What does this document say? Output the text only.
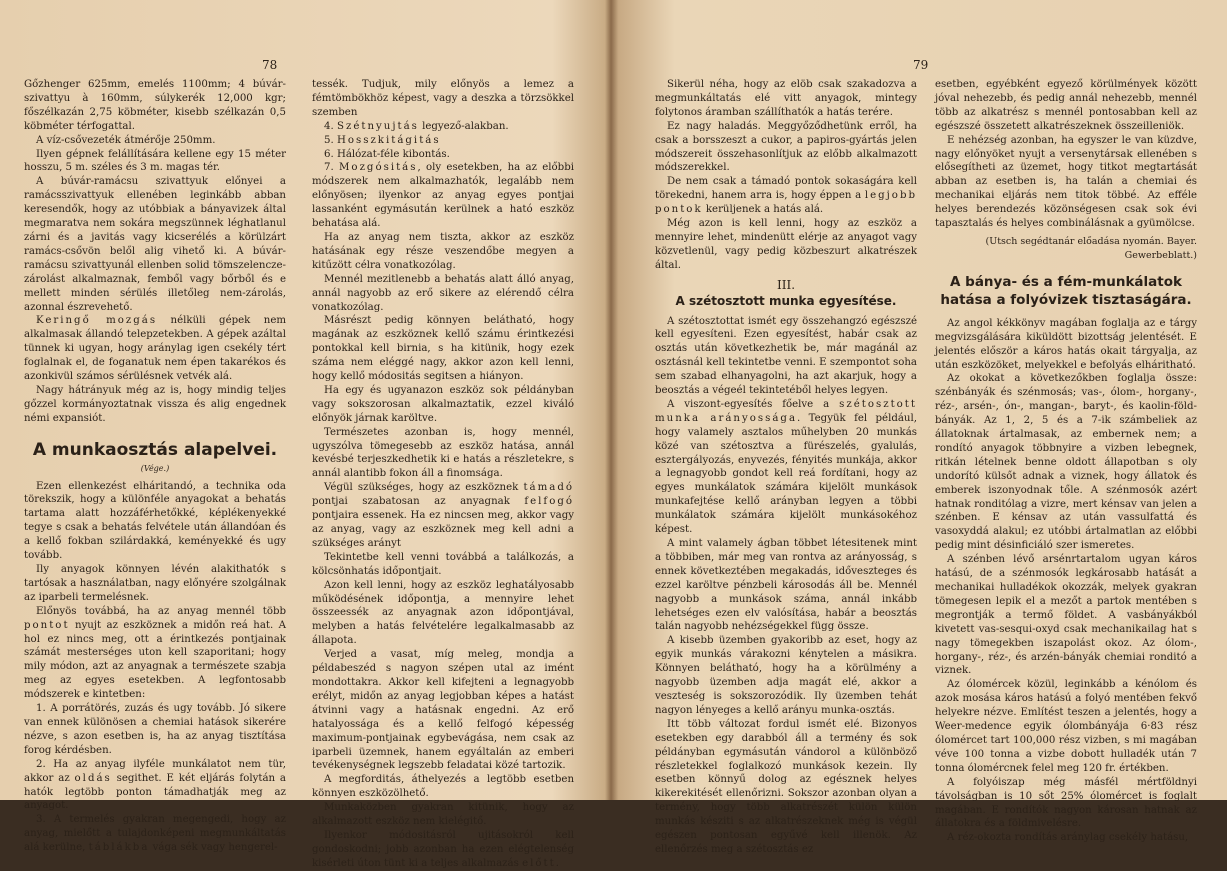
78

Gőzhenger 625mm, emelés 1100mm; 4 búvár-szivattyu à 160mm, súlykerék 12,000 kgr; főszélkazán 2,75 köbméter, kisebb szélkazán 0,5 köbméter térfogattal.

A víz-csővezeték átmérője 250mm.

Ilyen gépnek felállítására kellene egy 15 méter hosszu, 5 m. széles és 3 m. magas tér.

A búvár-ramácsu szivattyuk előnyei a ramácsszivattyuk ellenében leginkább abban keresendők, hogy az utóbbiak a bányavizek által megmaratva nem sokára megszünnek léghatlanul zárni és a javitás vagy kicserélés a körülzárt ramács-csővön belől alig vihető ki. A búvár-ramácsu szivattyunál ellenben solid tömszelencze-zárolást alkalmaznak, femből vagy bőrből és e mellett minden sérülés illetőleg nem-zárolás, azonnal észrevehető.

Keringő mozgás nélküli gépek nem alkalmasak állandó telepzetekben. A gépek azáltal tünnek ki ugyan, hogy aránylag igen csekély tért foglalnak el, de foganatuk nem épen takarékos és azonkivül számos sérülésnek vetvék alá.

Nagy hátrányuk még az is, hogy mindig teljes gőzzel kormányoztatnak vissza és alig engednek némi expansiót.

A munkaosztás alapelvei.
(Vége.)

Ezen ellenkezést elháritandó, a technika oda törekszik, hogy a különféle anyagokat a behatás tartama alatt hozzáférhetőkké, képlékenyekké tegye s csak a behatás felvétele után állandóan és a kellő fokban szilárdakká, keményekké és ugy tovább.

Ily anyagok könnyen lévén alakithatók s tartósak a használatban, nagy előnyére szolgálnak az iparbeli termelésnek.

Előnyös továbbá, ha az anyag mennél több pontot nyujt az eszköznek a midőn reá hat. A hol ez nincs meg, ott a érintkezés pontjainak számát mesterséges uton kell szaporitani; hogy mily módon, azt az anyagnak a természete szabja meg az egyes esetekben. A legfontosabb módszerek e kintetben:

1. A porrátörés, zuzás és ugy tovább. Jó sikere van ennek különösen a chemiai hatások sikerére nézve, s azon esetben is, ha az anyag tisztítása forog kérdésben.

2. Ha az anyag ilyféle munkálatot nem tür, akkor az oldás segithet. E két eljárás folytán a hatók legtöbb ponton támadhatják meg az anyagot.

3. A termelés gyakran megengedi, hogy az anyag, mielőtt a tulajdonképeni megmunkáltatás alá kerülne, táblákba vága sék vagy hengerel-

tessék. Tudjuk, mily előnyös a lemez a fémtömbökhöz képest, vagy a deszka a törzsökkel szemben

4. Szétnyujtás legyező-alakban.

5. Hosszkitágitás

6. Hálózat-féle kibontás.

7. Mozgósitás, oly esetekben, ha az előbbi módszerek nem alkalmazhatók, legalább nem előnyösen; ilyenkor az anyag egyes pontjai lassanként egymásután kerülnek a ható eszköz behatása alá.

Ha az anyag nem tiszta, akkor az eszköz hatásának egy része veszendőbe megyen a kitűzött célra vonatkozólag.

Mennél mezitlenebb a behatás alatt álló anyag, annál nagyobb az erő sikere az elérendő célra vonatkozólag.

Másrészt pedig könnyen belátható, hogy magának az eszköznek kellő számu érintkezési pontokkal kell birnia, s ha kitünik, hogy ezek száma nem eléggé nagy, akkor azon kell lenni, hogy kellő módositás segitsen a hiányon.

Ha egy és ugyanazon eszköz sok példányban vagy sokszorosan alkalmaztatik, ezzel kiváló előnyök járnak karöltve.

Természetes azonban is, hogy mennél, ugyszólva tömegesebb az eszköz hatása, annál kevésbé terjeszkedhetik ki e hatás a részletekre, s annál alantibb fokon áll a finomsága.

Végül szükséges, hogy az eszköznek támadó pontjai szabatosan az anyagnak felfogó pontjaira essenek. Ha ez nincsen meg, akkor vagy az anyag, vagy az eszköznek meg kell adni a szükséges arányt

Tekintetbe kell venni továbbá a találkozás, a kölcsönhatás időpontjait.

Azon kell lenni, hogy az eszköz leghatályosabb működésének időpontja, a mennyire lehet összeessék az anyagnak azon időpontjával, melyben a hatás felvételére legalkalmasabb az állapota.

Verjed a vasat, míg meleg, mondja a példabeszéd s nagyon szépen utal az imént mondottakra. Akkor kell kifejteni a legnagyobb erélyt, midőn az anyag legjobban képes a hatást átvinni vagy a hatásnak engedni. Az erő hatalyossága és a kellő felfogó képesség maximum-pontjainak egybevágása, nem csak az iparbeli üzemnek, hanem egyáltalán az emberi tevékenységnek legszebb feladatai közé tartozik.

A megforditás, áthelyezés a legtöbb esetben könnyen eszközölhető.

Munkaközben gyakran kitünik, hogy az alkalmazott eszköz nem kielégitő.

Ilyenkor módositásról ujitásokról kell gondoskodni; jobb azonban ha ezen elégtelenség kisérleti úton tünt ki a teljes alkalmazás előtt.

79

Sikerül néha, hogy az elöb csak szakadozva a megmunkáltatás elé vitt anyagok, mintegy folytonos áramban szállíthatók a hatás terére.

Ez nagy haladás. Meggyőződhetünk erről, ha csak a borsszeszt a cukor, a papiros-gyártás jelen módszereit összehasonlítjuk az előbb alkalmazott módszerekkel.

De nem csak a támadó pontok sokaságára kell törekedni, hanem arra is, hogy éppen a legjobb pontok kerüljenek a hatás alá.

Még azon is kell lenni, hogy az eszköz a mennyire lehet, mindenütt elérje az anyagot vagy közvetlenül, vagy pedig közbeszurt alkatrészek által.

III.
A szétosztott munka egyesítése.

A szétosztottat ismét egy összehangzó egészszé kell egyesíteni. Ezen egyesítést, habár csak az osztás után következhetik be, már magánál az osztásnál kell tekintetbe venni. E szempontot soha sem szabad elhanyagolni, ha azt akarjuk, hogy a beosztás a végeél tekintetéből helyes legyen.

A viszont-egyesítés főelve a szétosztott munka arányossága. Tegyük fel például, hogy valamely asztalos műhelyben 20 munkás közé van szétosztva a fürészelés, gyalulás, esztergályozás, enyvezés, fényités munkája, akkor a legnagyobb gondot kell reá fordítani, hogy az egyes munkálatok számára kijelölt munkások munkafejtése kellő arányban legyen a többi munkálatok számára kijelölt munkásokéhoz képest.

A mint valamely ágban többet létesitenek mint a többiben, már meg van rontva az arányosság, s ennek következtében megakadás, időveszteges és ezzel karöltve pénzbeli károsodás áll be. Mennél nagyobb a munkások száma, annál inkább lehetséges ezen elv valósítása, habár a beosztás talán nagyobb nehézségekkel függ össze.

A kisebb üzemben gyakoribb az eset, hogy az egyik munkás várakozni kénytelen a másikra. Könnyen belátható, hogy ha a körülmény a nagyobb üzemben adja magát elé, akkor a veszteség is sokszorozódik. Ily üzemben tehát nagyon lényeges a kellő arányu munka-osztás.

Itt több változat fordul ismét elé. Bizonyos esetekben egy darabból áll a termény és sok példányban egymásután vándorol a különböző részletekkel foglalkozó munkások kezein. Ily esetben könnyű dolog az egésznek helyes kikerekitését ellenőrizni. Sokszor azonban olyan a termény, hogy több alkatrészét külön külön munkás késziti s az alkatrészeknek még is végül egészen pontosan egyűvé kell illenök. Az ellenőrzés meg a szétosztás ez

esetben, egyébként egyező körülmények között jóval nehezebb, és pedig annál nehezebb, mennél több az alkatrész s mennél pontosabban kell az egészszé összetett alkatrészeknek összeilleniök.

E nehézség azonban, ha egyszer le van küzdve, nagy előnyöket nyujt a versenytársak ellenében s elősegítheti az üzemet, hogy titkot megtartását abban az esetben is, ha talán a chemiai és mechanikai eljárás nem titok többé. Az efféle helyes berendezés közönségesen csak sok évi tapasztalás és helyes combinálásnak a gyümölcse.

(Utsch segédtanár előadása nyomán. Bayer. Gewerbeblatt.)
A bánya- és a fém-munkálatok hatása a folyóvizek tisztaságára.

Az angol kékkönyv magában foglalja az e tárgy megvizsgálására kiküldött bizottság jelentését. E jelentés először a káros hatás okait tárgyalja, az után eszközöket, melyekkel e befolyás elháritható.

Az okokat a következőkben foglalja össze: szénbányák és szénmosás; vas-, ólom-, horgany-, réz-, arsén-, ón-, mangan-, baryt-, és kaolin-föld-bányák. Az 1, 2, 5 és a 7-ik számbeliek az állatoknak ártalmasak, az embernek nem; a rondító anyagok többnyire a vizben lebegnek, ritkán lételnek benne oldott állapotban s oly undorító külsőt adnak a viznek, hogy állatok és emberek iszonyodnak tőle. A szénmosók azért hatnak ronditólag a vizre, mert kénsav van jelen a szénben. E kénsav az után vassulfattá és vasoxyddá alakul; ez utóbbi ártalmatlan az előbbi pedig mint désinficiáló szer ismeretes.

A szénben lévő arsénrtartalom ugyan káros hatású, de a szénmosók legkárosabb hatását a mechanikai hulladékok okozzák, melyek gyakran tömegesen lepik el a mezőt a partok mentében s megrontják a termő földet. A vasbányákból kivetett vas-sesqui-oxyd csak mechanikailag hat s nagy tömegekben iszapolást okoz. Az ólom-, horgany-, réz-, és arzén-bányák chemiai ronditó a viznek.

Az ólomércek közül, leginkább a kénólom és azok mosása káros hatású a folyó mentében fekvő helyekre nézve. Említést teszen a jelentés, hogy a Weer-medence egyik ólombányája 6·83 rész ólomércet tart 100,000 rész vizben, s mi magában véve 100 tonna a vizbe dobott hulladék után 7 tonna ólomércnek felel meg 120 fr. értékben.

A folyóiszap még másfél mértföldnyi távolságban is 10 sőt 25% ólomércet is foglalt magában. E rondítók nagyon károsan hatnak az állatokra és a földmivelésre.

A réz-okozta rondítás aránylag csekély hatásu,
